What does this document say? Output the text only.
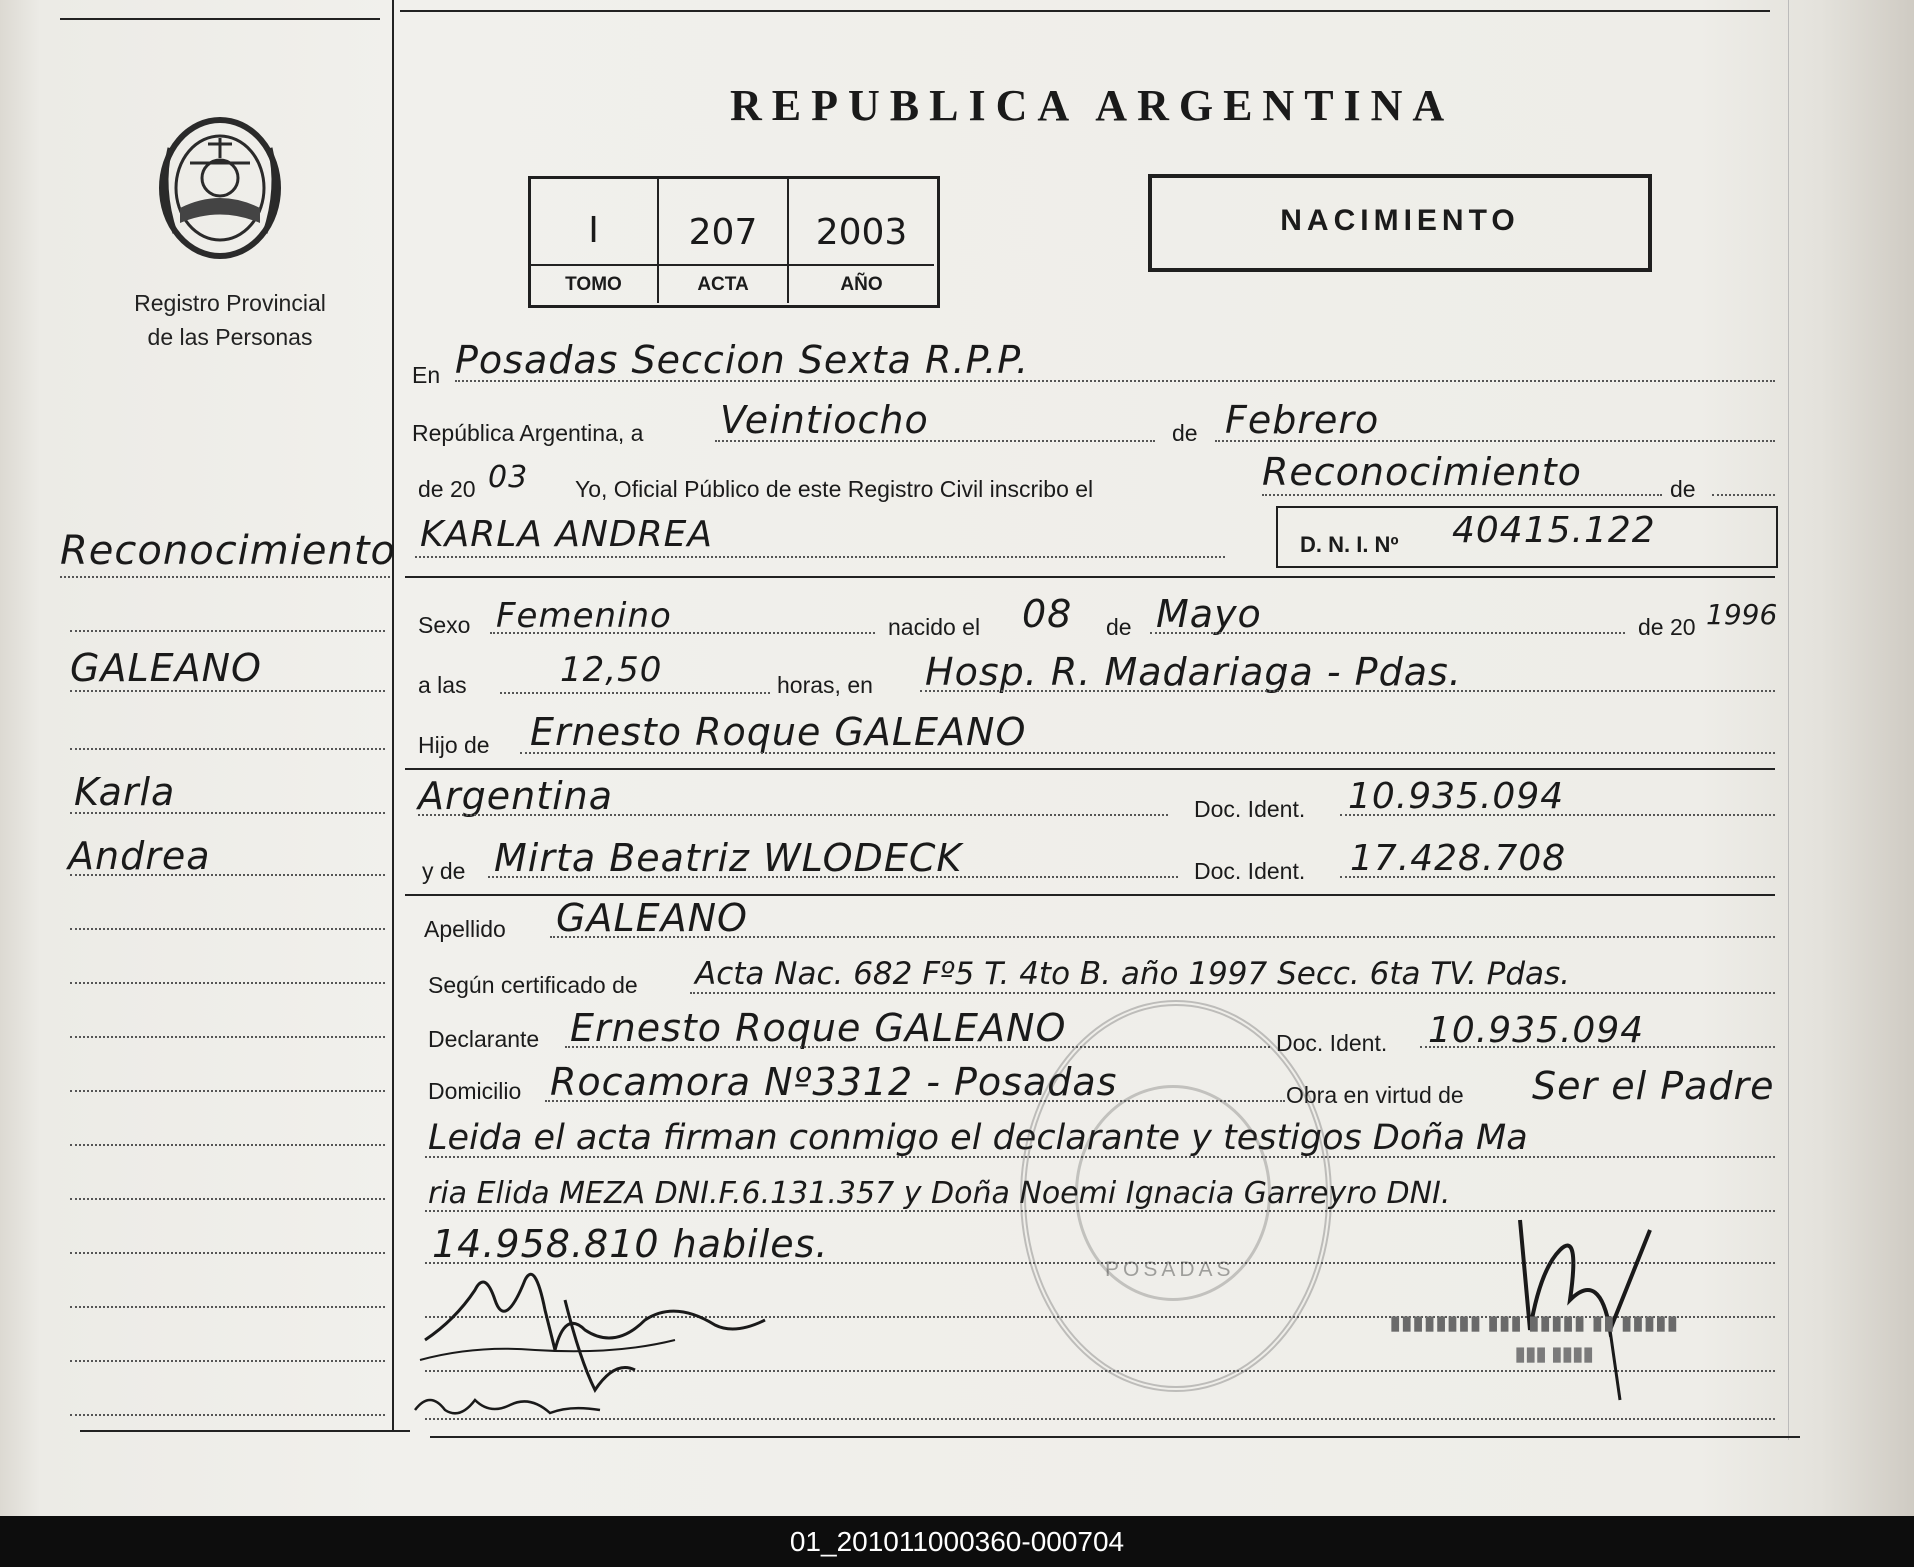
Registro Provincial
de las Personas
REPUBLICA ARGENTINA
I	207	2003
TOMO	ACTA	AÑO
NACIMIENTO
Reconocimiento
GALEANO
Karla
Andrea
En Posadas Seccion Sexta R.P.P.
República Argentina, a Veintiocho	de Febrero
de 20 03 Yo, Oficial Público de este Registro Civil inscribo el	Reconocimiento	de
KARLA ANDREA	D. N. I. Nº 40415.122
Sexo Femenino	nacido el 08 de Mayo	de 20 1996
a las	12,50	horas, en Hosp. R. Madariaga - Pdas.
Hijo de Ernesto Roque GALEANO
Argentina	Doc. Ident. 10.935.094
y de Mirta Beatriz WLODECK	Doc. Ident. 17.428.708
Apellido GALEANO
Según certificado de Acta Nac. 682 Fº5 T. 4to B. año 1997 Secc. 6ta TV. Pdas.
Declarante Ernesto Roque GALEANO	Doc. Ident. 10.935.094
Domicilio Rocamora Nº3312 - Posadas	Obra en virtud de Ser el Padre
Leida el acta firman conmigo el declarante y testigos Doña Ma
ria Elida MEZA DNI.F.6.131.357 y Doña Noemi Ignacia Garreyro DNI.
14.958.810 habiles.
POSADAS
▮▮▮▮▮▮▮▮ ▮▮▮ ▮▮▮▮▮ ▮▮ ▮▮▮▮▮
▮▮▮ ▮▮▮▮
01_201011000360-000704
